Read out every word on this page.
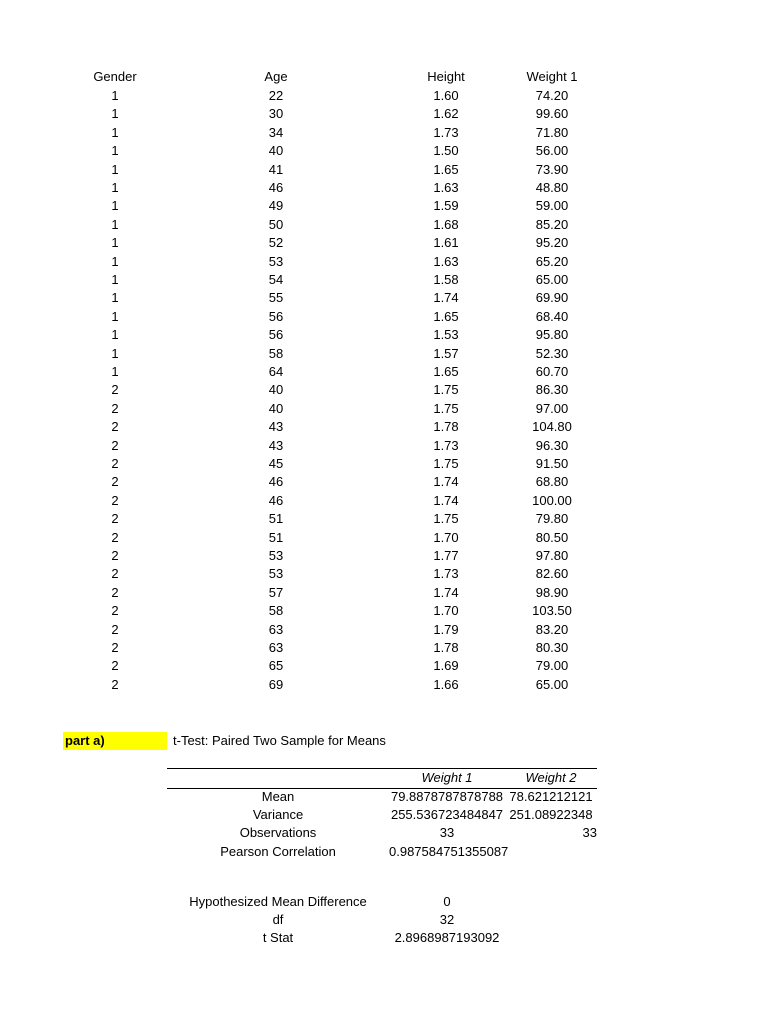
Gender	Age	Height	Weight 1
1	22	1.60	74.20
1	30	1.62	99.60
1	34	1.73	71.80
1	40	1.50	56.00
1	41	1.65	73.90
1	46	1.63	48.80
1	49	1.59	59.00
1	50	1.68	85.20
1	52	1.61	95.20
1	53	1.63	65.20
1	54	1.58	65.00
1	55	1.74	69.90
1	56	1.65	68.40
1	56	1.53	95.80
1	58	1.57	52.30
1	64	1.65	60.70
2	40	1.75	86.30
2	40	1.75	97.00
2	43	1.78	104.80
2	43	1.73	96.30
2	45	1.75	91.50
2	46	1.74	68.80
2	46	1.74	100.00
2	51	1.75	79.80
2	51	1.70	80.50
2	53	1.77	97.80
2	53	1.73	82.60
2	57	1.74	98.90
2	58	1.70	103.50
2	63	1.79	83.20
2	63	1.78	80.30
2	65	1.69	79.00
2	69	1.66	65.00
part a)	t-Test: Paired Two Sample for Means
Weight 1	Weight 2
Mean	79.8878787878788 78.621212121
Variance	255.536723484847 251.08922348
Observations	33	33
Pearson Correlation	0.987584751355087
Hypothesized Mean Difference	0
df	32
t Stat	2.8968987193092
